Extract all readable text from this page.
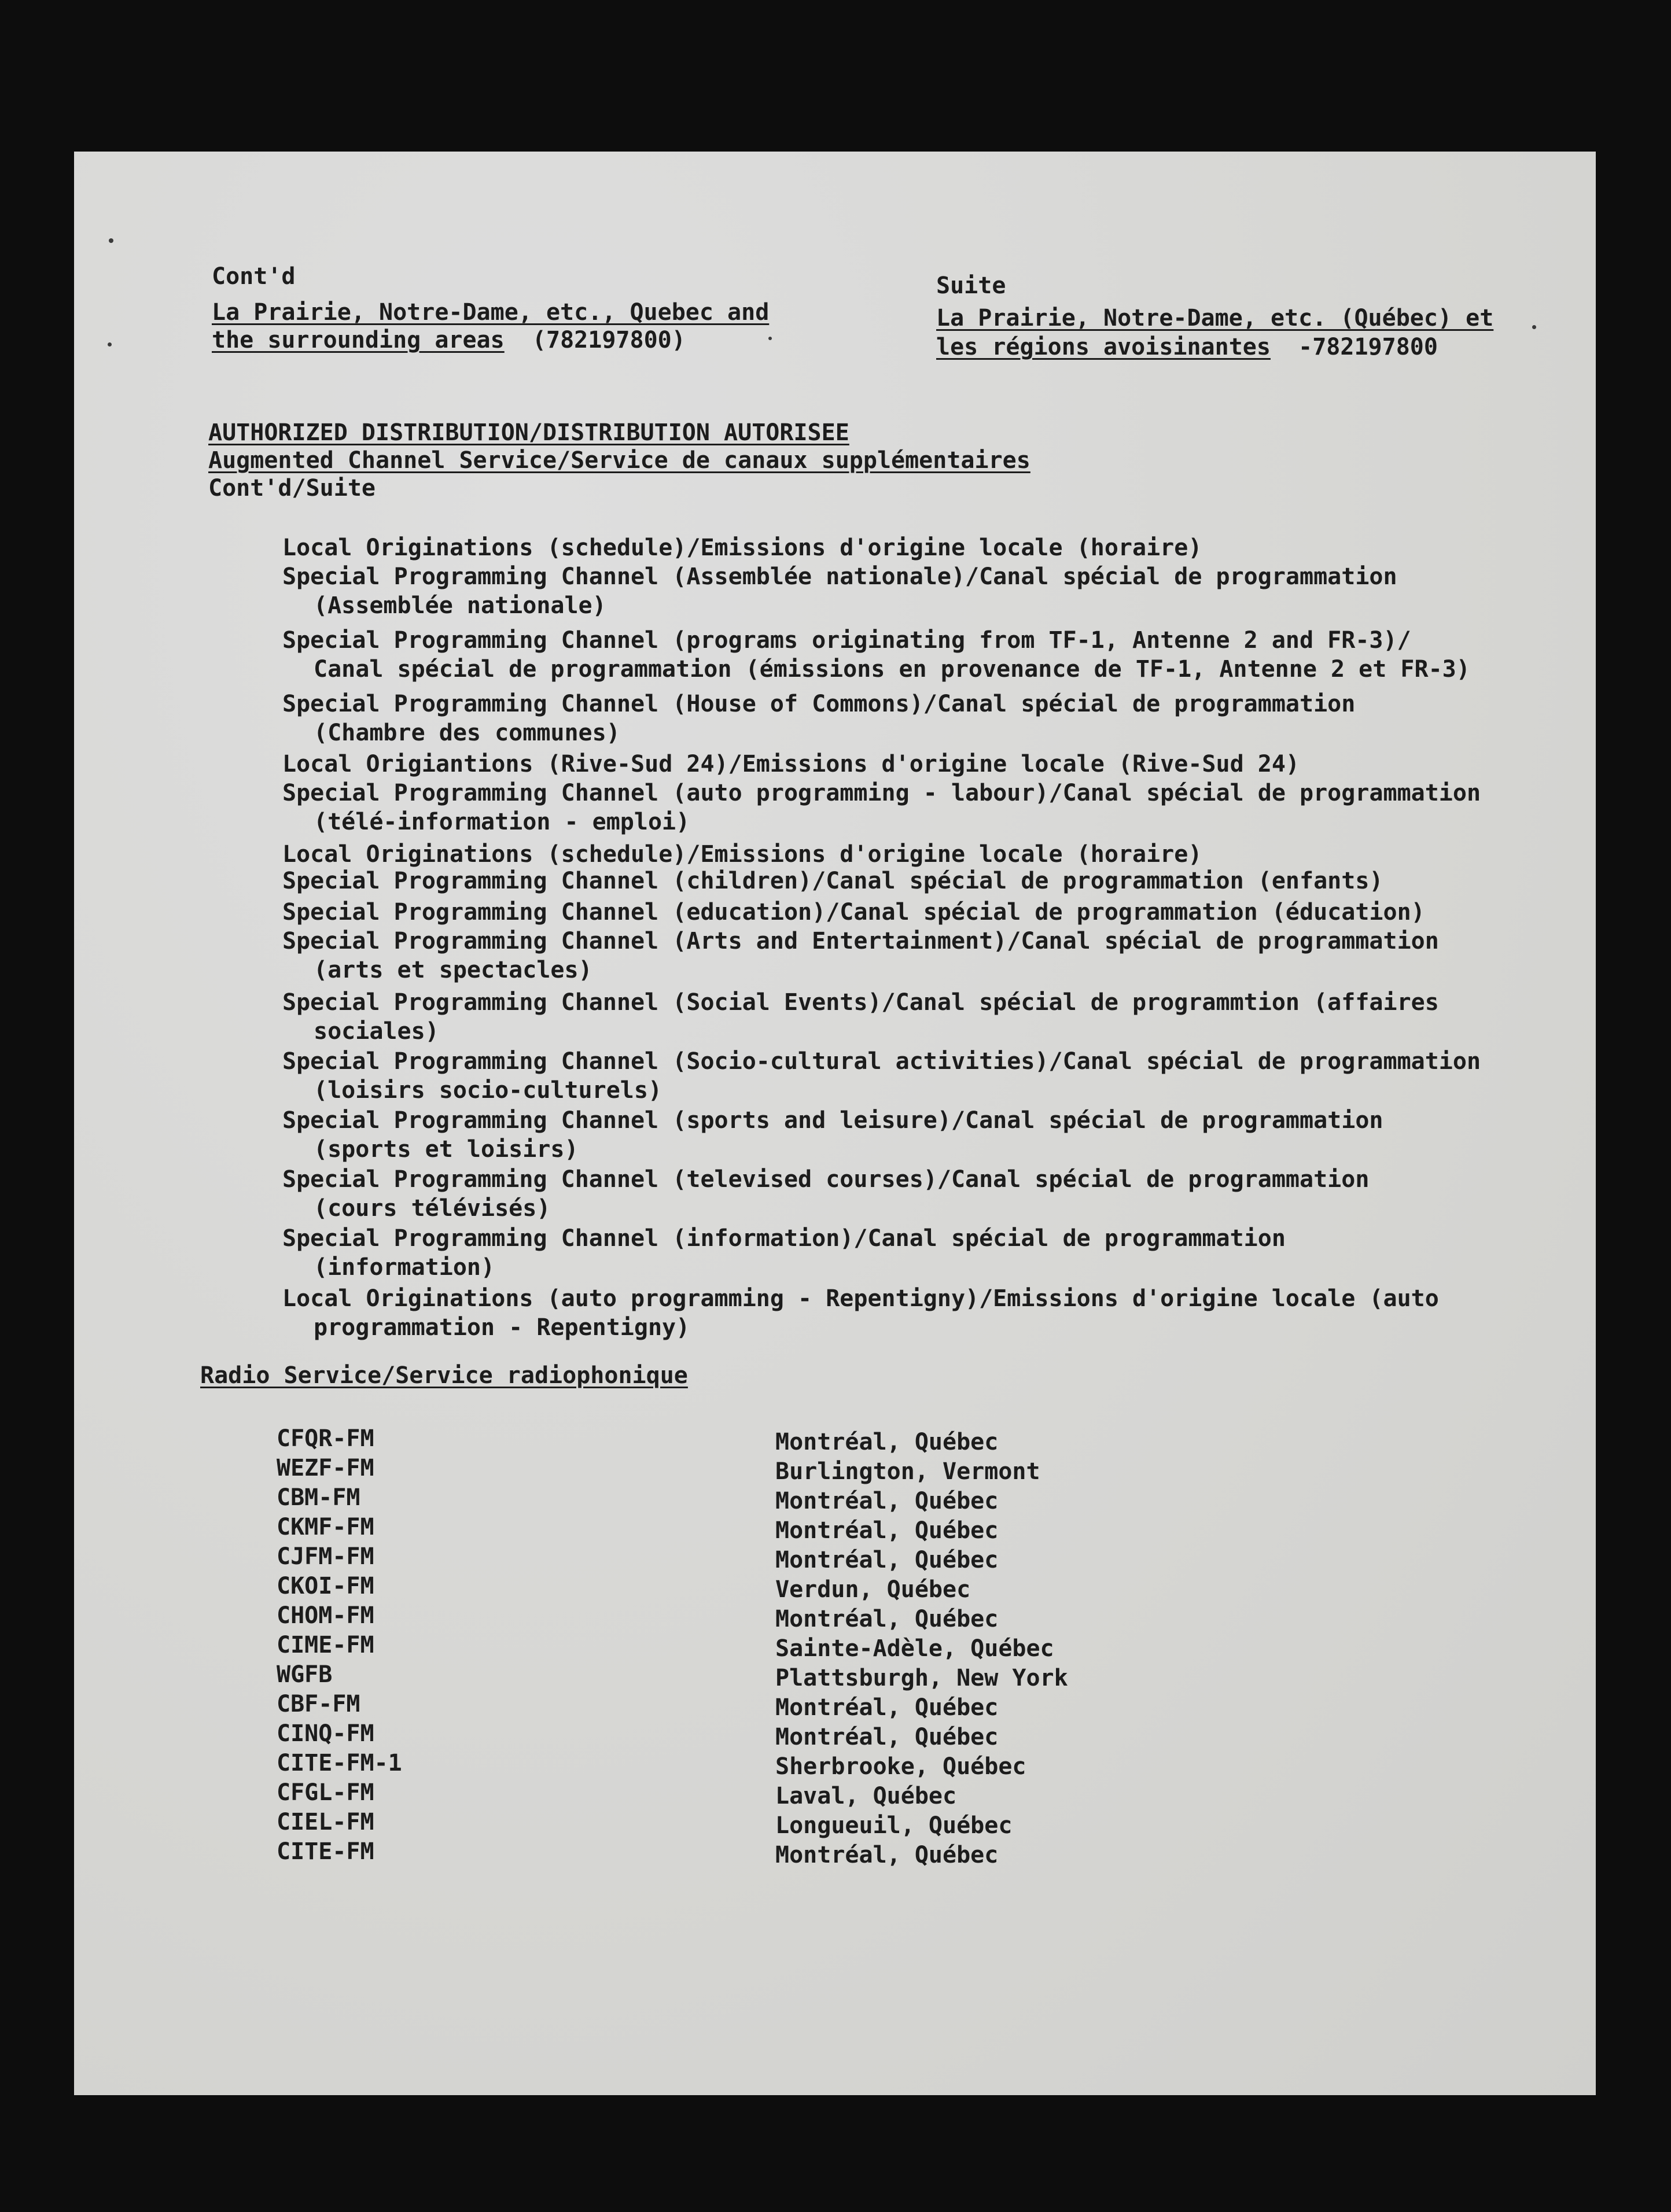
Cont'd
La Prairie, Notre-Dame, etc., Quebec and
the surrounding areas (782197800)
Suite
La Prairie, Notre-Dame, etc. (Québec) et
les régions avoisinantes -782197800
AUTHORIZED DISTRIBUTION/DISTRIBUTION AUTORISEE
Augmented Channel Service/Service de canaux supplémentaires
Cont'd/Suite
Local Originations (schedule)/Emissions d'origine locale (horaire)
Special Programming Channel (Assemblée nationale)/Canal spécial de programmation
(Assemblée nationale)
Special Programming Channel (programs originating from TF-1, Antenne 2 and FR-3)/
Canal spécial de programmation (émissions en provenance de TF-1, Antenne 2 et FR-3)
Special Programming Channel (House of Commons)/Canal spécial de programmation
(Chambre des communes)
Local Origiantions (Rive-Sud 24)/Emissions d'origine locale (Rive-Sud 24)
Special Programming Channel (auto programming - labour)/Canal spécial de programmation
(télé-information - emploi)
Local Originations (schedule)/Emissions d'origine locale (horaire)
Special Programming Channel (children)/Canal spécial de programmation (enfants)
Special Programming Channel (education)/Canal spécial de programmation (éducation)
Special Programming Channel (Arts and Entertainment)/Canal spécial de programmation
(arts et spectacles)
Special Programming Channel (Social Events)/Canal spécial de programmtion (affaires
sociales)
Special Programming Channel (Socio-cultural activities)/Canal spécial de programmation
(loisirs socio-culturels)
Special Programming Channel (sports and leisure)/Canal spécial de programmation
(sports et loisirs)
Special Programming Channel (televised courses)/Canal spécial de programmation
(cours télévisés)
Special Programming Channel (information)/Canal spécial de programmation
(information)
Local Originations (auto programming - Repentigny)/Emissions d'origine locale (auto
programmation - Repentigny)
Radio Service/Service radiophonique
CFQR-FM	Montréal, Québec
WEZF-FM	Burlington, Vermont
CBM-FM	Montréal, Québec
CKMF-FM	Montréal, Québec
CJFM-FM	Montréal, Québec
CKOI-FM	Verdun, Québec
CHOM-FM	Montréal, Québec
CIME-FM	Sainte-Adèle, Québec
WGFB	Plattsburgh, New York
CBF-FM	Montréal, Québec
CINQ-FM	Montréal, Québec
CITE-FM-1	Sherbrooke, Québec
CFGL-FM	Laval, Québec
CIEL-FM	Longueuil, Québec
CITE-FM	Montréal, Québec
